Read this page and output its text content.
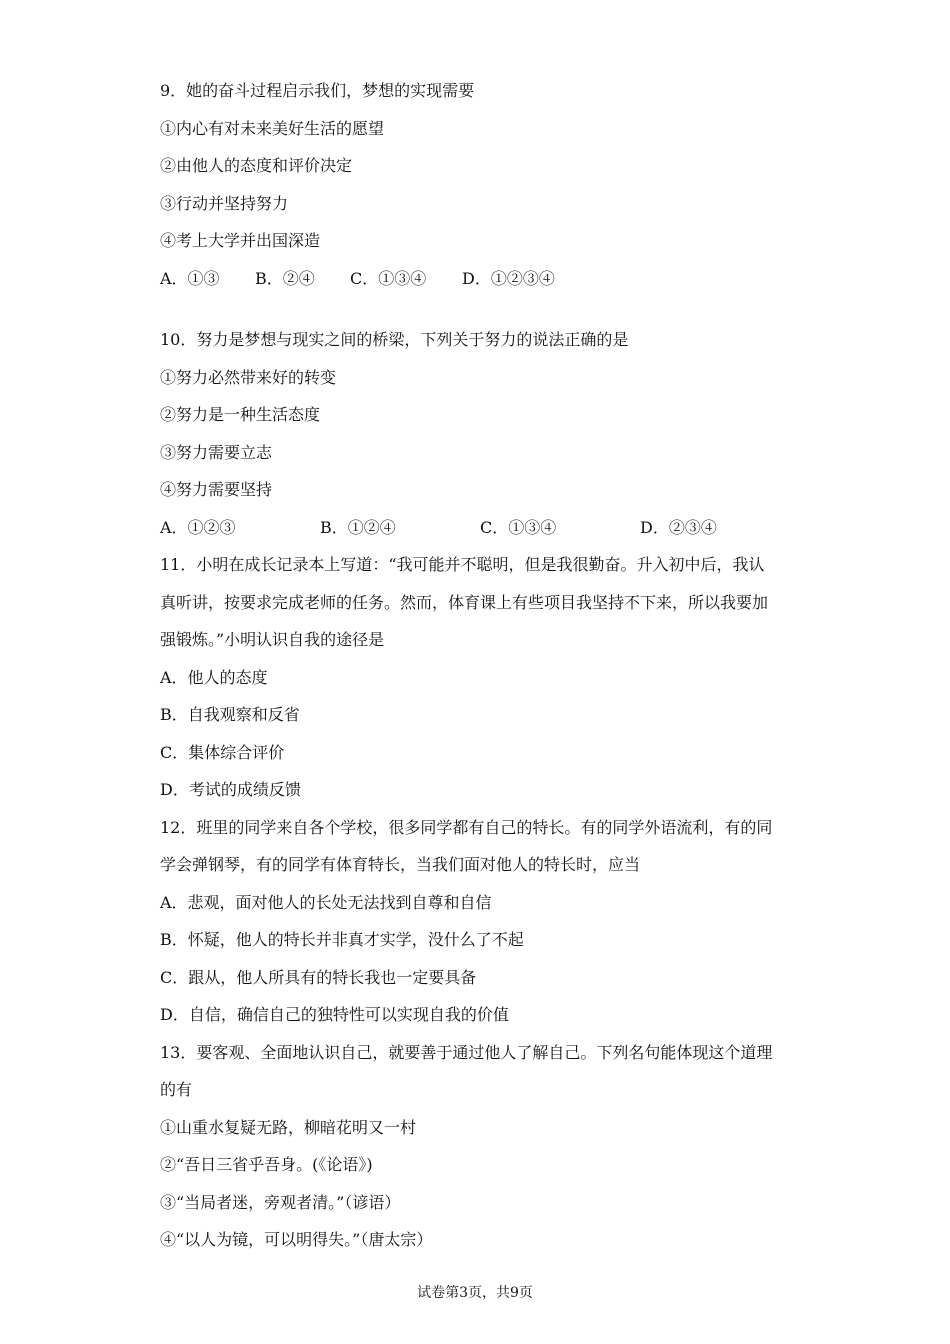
9．她的奋斗过程启示我们，梦想的实现需要
①内心有对未来美好生活的愿望
②由他人的态度和评价决定
③行动并坚持努力
④考上大学并出国深造
A．①③	B．②④	C．①③④	D．①②③④
10．努力是梦想与现实之间的桥梁，下列关于努力的说法正确的是
①努力必然带来好的转变
②努力是一种生活态度
③努力需要立志
④努力需要坚持
A．①②③	B．①②④	C．①③④	D．②③④
11．小明在成长记录本上写道：“我可能并不聪明，但是我很勤奋。升入初中后，我认
真听讲，按要求完成老师的任务。然而，体育课上有些项目我坚持不下来，所以我要加
强锻炼。”小明认识自我的途径是
A．他人的态度
B．自我观察和反省
C．集体综合评价
D．考试的成绩反馈
12．班里的同学来自各个学校，很多同学都有自己的特长。有的同学外语流利，有的同
学会弹钢琴，有的同学有体育特长，当我们面对他人的特长时，应当
A．悲观，面对他人的长处无法找到自尊和自信
B．怀疑，他人的特长并非真才实学，没什么了不起
C．跟从，他人所具有的特长我也一定要具备
D．自信，确信自己的独特性可以实现自我的价值
13．要客观、全面地认识自己，就要善于通过他人了解自己。下列名句能体现这个道理
的有
①山重水复疑无路，柳暗花明又一村
②“吾日三省乎吾身。(《论语》)
③“当局者迷，旁观者清。”（谚语）
④“以人为镜，可以明得失。”（唐太宗）
试卷第3页，共9页
